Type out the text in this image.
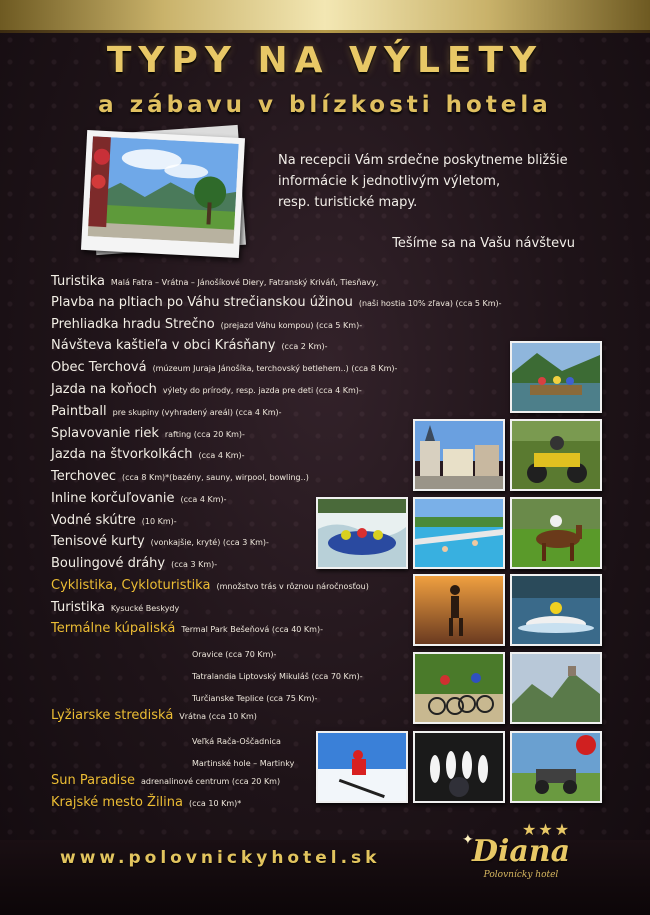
TYPY NA VÝLETY
a zábavu v blízkosti hotela

Na recepcii Vám srdečne poskytneme bližšie

informácie k jednotlivým výletom,

resp. turistické mapy.

Tešíme sa na Vašu návštevu
Turistika Malá Fatra – Vrátna – Jánošíkové Diery, Fatranský Kriváň, Tiesňavy,
Plavba na pltiach po Váhu strečianskou úžinou (naši hostia 10% zľava) (cca 5 Km)-
Prehliadka hradu Strečno (prejazd Váhu kompou) (cca 5 Km)-
Návšteva kaštieľa v obci Krásňany (cca 2 Km)-
Obec Terchová (múzeum Juraja Jánošíka, terchovský betlehem..) (cca 8 Km)-
Jazda na koňoch výlety do prírody, resp. jazda pre deti (cca 4 Km)-
Paintball pre skupiny (vyhradený areál) (cca 4 Km)-
Splavovanie riek rafting (cca 20 Km)-
Jazda na štvorkolkách (cca 4 Km)-
Terchovec (cca 8 Km)*(bazény, sauny, wirpool, bowling..)
Inline korčuľovanie (cca 4 Km)-
Vodné skútre (10 Km)-
Tenisové kurty (vonkajšie, kryté) (cca 3 Km)-
Boulingové dráhy (cca 3 Km)-
Cyklistika, Cykloturistika (množstvo trás v rôznou náročnosťou)
Turistika Kysucké Beskydy
Termálne kúpaliská Termal Park Bešeňová (cca 40 Km)-
Oravice (cca 70 Km)-
Tatralandia Liptovský Mikuláš (cca 70 Km)-
Turčianske Teplice (cca 75 Km)-
Lyžiarske strediská Vrátna (cca 10 Km)
Veľká Rača-Oščadnica
Martinské hole – Martinky
Sun Paradise adrenalinové centrum (cca 20 Km)
Krajské mesto Žilina (cca 10 Km)*
www.polovnickyhotel.sk
✦
★★★
Diana
Polovnícky hotel
